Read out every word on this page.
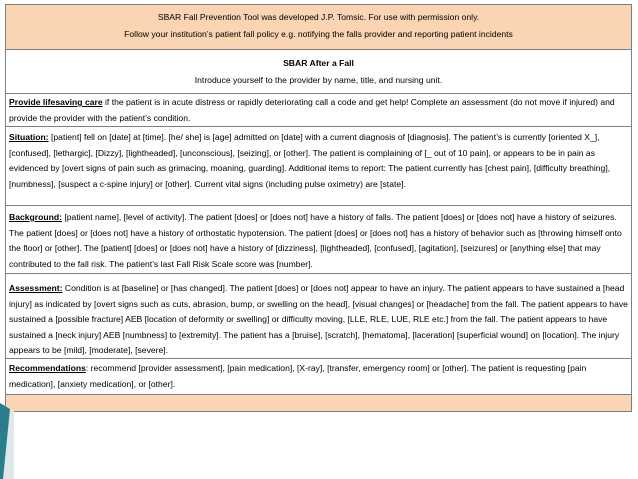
SBAR Fall Prevention Tool was developed J.P. Tomsic. For use with permission only.
Follow your institution’s patient fall policy e.g. notifying the falls provider and reporting patient incidents
SBAR After a Fall
Introduce yourself to the provider by name, title, and nursing unit.
Provide lifesaving care if the patient is in acute distress or rapidly deteriorating call a code and get help! Complete an assessment (do not move if injured) and provide the provider with the patient’s condition.
Situation: [patient] fell on [date] at [time]. [he/ she] is [age] admitted on [date] with a current diagnosis of [diagnosis]. The patient’s is currently [oriented X_], [confused], [lethargic], [Dizzy], [lightheaded], [unconscious], [seizing], or [other]. The patient is complaining of [_ out of 10 pain], or appears to be in pain as evidenced by [overt signs of pain such as grimacing, moaning, guarding]. Additional items to report: The patient currently has [chest pain], [difficulty breathing], [numbness], [suspect a c-spine injury] or [other]. Current vital signs (including pulse oximetry) are [state].
Background: [patient name], [level of activity]. The patient [does] or [does not] have a history of falls. The patient [does] or [does not] have a history of seizures. The patient [does] or [does not] have a history of orthostatic hypotension. The patient [does] or [does not] has a history of behavior such as [throwing himself onto the floor] or [other]. The [patient] [does] or [does not] have a history of [dizziness], [lightheaded], [confused], [agitation], [seizures] or [anything else] that may contributed to the fall risk. The patient’s last Fall Risk Scale score was [number].
Assessment: Condition is at [baseline] or [has changed]. The patient [does] or [does not] appear to have an injury. The patient appears to have sustained a [head injury] as indicated by [overt signs such as cuts, abrasion, bump, or swelling on the head], [visual changes] or [headache] from the fall. The patient appears to have sustained a [possible fracture] AEB [location of deformity or swelling] or difficulty moving, [LLE, RLE, LUE, RLE etc.] from the fall. The patient appears to have sustained a [neck injury] AEB [numbness] to [extremity]. The patient has a [bruise], [scratch], [hematoma], [laceration] [superficial wound] on [location]. The injury appears to be [mild], [moderate], [severe].
Recommendations: recommend [provider assessment], [pain medication], [X-ray], [transfer, emergency room] or [other]. The patient is requesting [pain medication], [anxiety medication], or [other].
